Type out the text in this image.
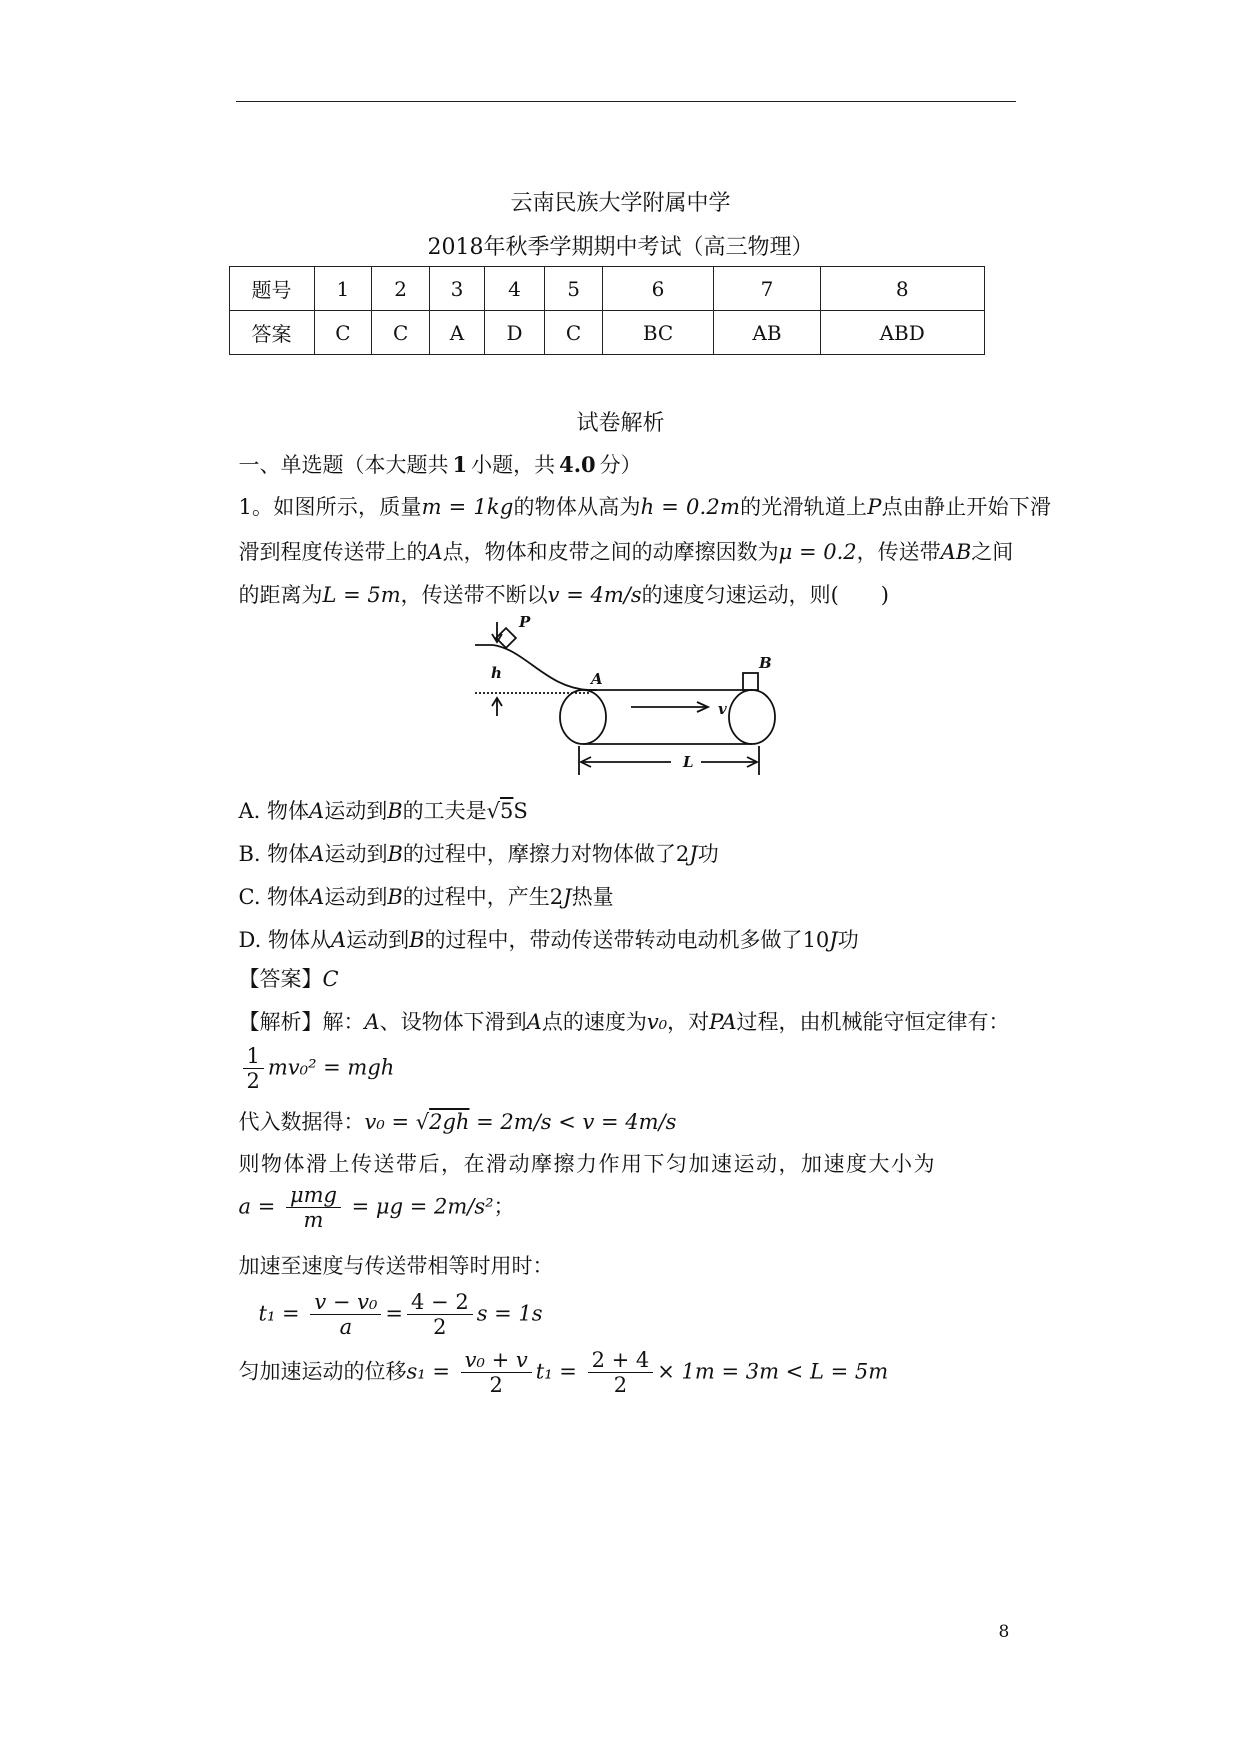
云南民族大学附属中学
2018年秋季学期期中考试（高三物理）
题号	1	2	3	4	5	6	7	8
答案	C	C	A	D	C	BC	AB	ABD
试卷解析
一、单选题（本大题共 1 小题，共 4.0 分）
1。如图所示，质量m = 1kg的物体从高为h = 0.2m的光滑轨道上P点由静止开始下滑
滑到程度传送带上的A点，物体和皮带之间的动摩擦因数为μ = 0.2，传送带AB之间
的距离为L = 5m，传送带不断以v = 4m/s的速度匀速运动，则(　　)
P
B
h	A
v
L
A. 物体A运动到B的工夫是√5S
B. 物体A运动到B的过程中，摩擦力对物体做了2J功
C. 物体A运动到B的过程中，产生2J热量
D. 物体从A运动到B的过程中，带动传送带转动电动机多做了10J功
【答案】C
【解析】解：A、设物体下滑到A点的速度为v₀，对PA过程，由机械能守恒定律有：
$\frac{1}{2} mv_0^2$ = mgh
代入数据得：v₀ = √2gh = 2m/s < v = 4m/s
则物体滑上传送带后，在滑动摩擦力作用下匀加速运动，加速度大小为
$a = \frac{\text{μmg}}{m} = \mu g = 2m/s^2$；
加速至速度与传送带相等时用时：
$t_1 = \frac{\text{v − v₀}}{a} = \frac{4 - 2}{2}$ s = 1s
匀加速运动的位移$s_1 = \frac{\text{v₀ + v}}{2} t_1 = \frac{2 + 4}{2} \times 1m = 3m < L = 5m$
8
